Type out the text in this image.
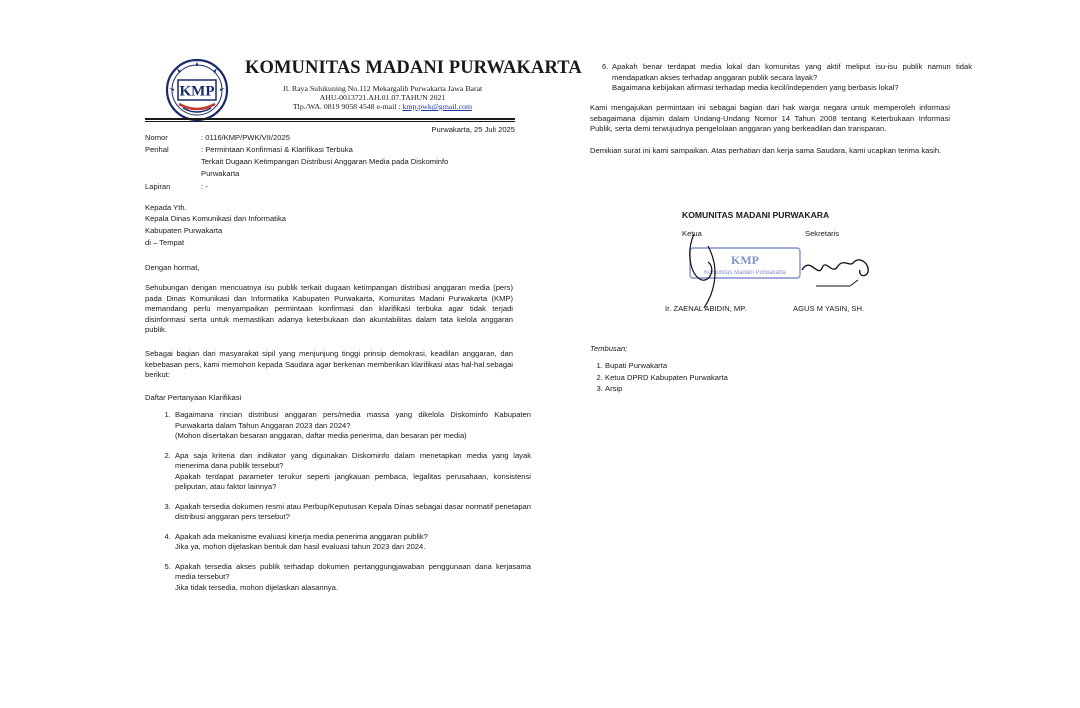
KMP
KOMUNITAS MADANI PURWAKARTA
Jl. Raya Sulukuning No.112 Mekargalih Purwakarta Jawa Barat
AHU-0013721.AH.01.07.TAHUN 2021
Tlp./WA. 0819 9058 4548 e-mail : kmp.pwk@gmail.com
Purwakarta, 25 Juli 2025
Nomor	: 0116/KMP/PWK/VII/2025
Perihal	: Permintaan Konfirmasi & Klarifikasi Terbuka
Terkait Dugaan Ketimpangan Distribusi Anggaran Media pada Diskominfo
Purwakarta
Lapiran	: -
Kepada Yth.
Kepala Dinas Komunikasi dan Informatika
Kabupaten Purwakarta
di – Tempat
Dengan hormat,
Sehubungan dengan mencuatnya isu publik terkait dugaan ketimpangan distribusi anggaran media (pers) pada Dinas Komunikasi dan Informatika Kabupaten Purwakarta, Komunitas Madani Purwakarta (KMP) memandang perlu menyampaikan permintaan konfirmasi dan klarifikasi terbuka agar tidak terjadi disinformasi serta untuk memastikan adanya keterbukaan dan akuntabilitas dalam tata kelola anggaran publik.
Sebagai bagian dari masyarakat sipil yang menjunjung tinggi prinsip demokrasi, keadilan anggaran, dan kebebasan pers, kami memohon kepada Saudara agar berkenan memberikan klarifikasi atas hal-hal sebagai berikut:
Daftar Pertanyaan Klarifikasi
1. Bagaimana rincian distribusi anggaran pers/media massa yang dikelola Diskominfo Kabupaten Purwakarta dalam Tahun Anggaran 2023 dan 2024?
(Mohon disertakan besaran anggaran, daftar media penerima, dan besaran per media)
2. Apa saja kriteria dan indikator yang digunakan Diskominfo dalam menetapkan media yang layak menerima dana publik tersebut?
Apakah terdapat parameter terukur seperti jangkauan pembaca, legalitas perusahaan, konsistensi peliputan, atau faktor lainnya?
3. Apakah tersedia dokumen resmi atau Perbup/Keputusan Kepala Dinas sebagai dasar normatif penetapan distribusi anggaran pers tersebut?
4. Apakah ada mekanisme evaluasi kinerja media penerima anggaran publik?
Jika ya, mohon dijelaskan bentuk dan hasil evaluasi tahun 2023 dan 2024.
5. Apakah tersedia akses publik terhadap dokumen pertanggungjawaban penggunaan dana kerjasama media tersebut?
Jika tidak tersedia, mohon dijelaskan alasannya.
6. Apakah benar terdapat media lokal dan komunitas yang aktif meliput isu-isu publik namun tidak mendapatkan akses terhadap anggaran publik secara layak?
Bagaimana kebijakan afirmasi terhadap media kecil/independen yang berbasis lokal?
Kami mengajukan permintaan ini sebagai bagian dari hak warga negara untuk memperoleh informasi sebagaimana dijamin dalam Undang-Undang Nomor 14 Tahun 2008 tentang Keterbukaan Informasi Publik, serta demi terwujudnya pengelolaan anggaran yang berkeadilan dan transparan.
Demikian surat ini kami sampaikan. Atas perhatian dan kerja sama Saudara, kami ucapkan terima kasih.
KOMUNITAS MADANI PURWAKARA
Ketua	Sekretaris
KMP
Komunitas Madani Purwakarta
Ir. ZAENAL ABIDIN, MP.	AGUS M YASIN, SH.
Tembusan;
1. Bupati Purwakarta
2. Ketua DPRD Kabupaten Purwakarta
3. Arsip
